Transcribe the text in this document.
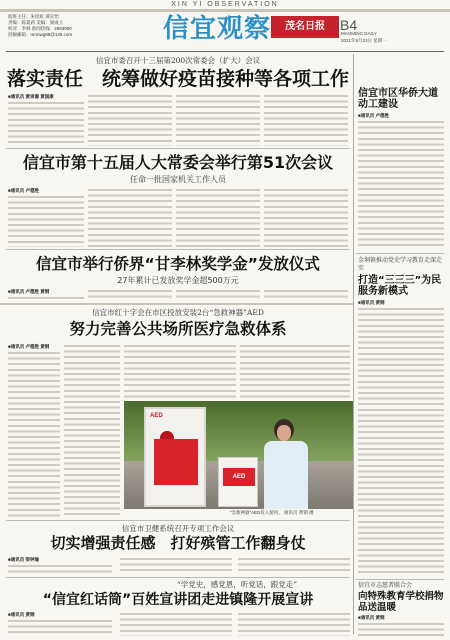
XIN YI OBSERVATION
值班主任：朱度虹 谭宣怡
责编：陈夏莉 美编：梁成立
校对：李林 新闻热线：2993900
投稿邮箱：mrmwg88@126.com	信宜观察	茂名日报	B4
MAOMING DAILY
2021年8月23日 星期一
信宜市委召开十三届第200次常委会（扩大）会议
落实责任　统筹做好疫苗接种等各项工作
■通讯员 黄崇谦 黄国康
信宜市第十五届人大常委会举行第51次会议
任命一批国家机关工作人员
■通讯员 卢德胜
信宜市举行侨界“甘李林奖学金”发放仪式
27年累计已发放奖学金超500万元
■通讯员 卢德胜 黄钢
信宜市红十字会在市区投放安装2台“急救神器”AED
努力完善公共场所医疗急救体系
■通讯员 卢德胜 黄钢
AED
AED
“急救神器”AED投入使用。 通讯员 黄钢 摄
信宜市卫健系统召开专项工作会议
切实增强责任感　打好殡管工作翻身仗
■通讯员 梁钟瑜
“学党史，感党恩，听党话，跟党走”
“信宜红话筒”百姓宣讲团走进镇隆开展宣讲
■通讯员 黄钢
信宜市区华侨大道动工建设
■通讯员 卢德胜
金垌镇推动党史学习教育走深走实
打造“三三三”为民服务新模式
■通讯员 黄钢
信宜市志愿者联合会
向特殊教育学校捐物品送温暖
■通讯员 黄钢
